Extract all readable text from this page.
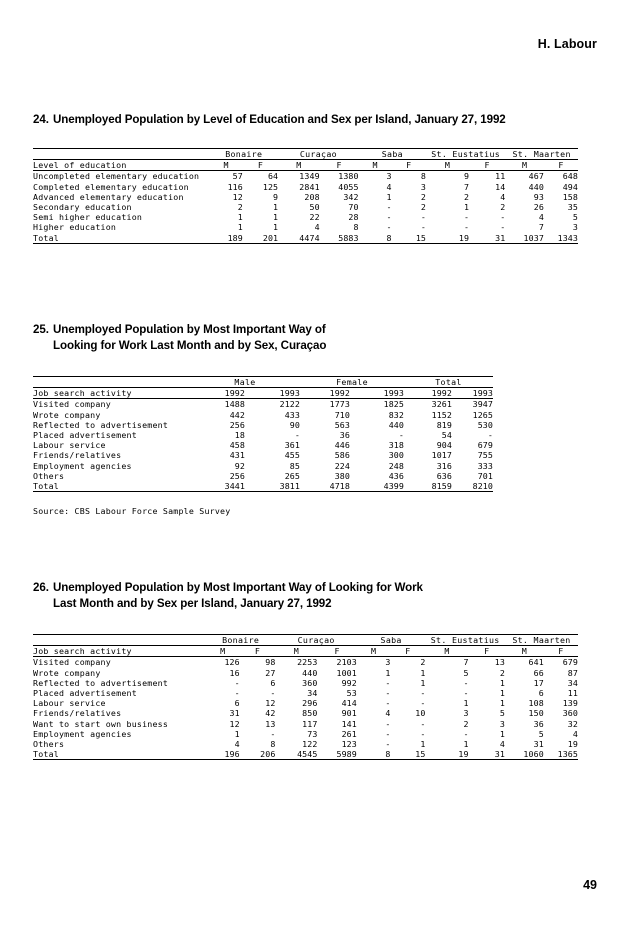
H. Labour
24. Unemployed Population by Level of Education and Sex per Island, January 27, 1992
	Bonaire		Curaçao		Saba		St. Eustatius		St. Maarten	
Level of education	M	F	M	F	M	F	M	F	M	F
Uncompleted elementary education	57	64	1349	1380	3	8	9	11	467	648
Completed elementary education	116	125	2841	4055	4	3	7	14	440	494
Advanced elementary education	12	9	208	342	1	2	2	4	93	158
Secondary education	2	1	50	70	-	2	1	2	26	35
Semi higher education	1	1	22	28	-	-	-	-	4	5
Higher education	1	1	4	8	-	-	-	-	7	3
Total	189	201	4474	5883	8	15	19	31	1037	1343

25. Unemployed Population by Most Important Way of
Looking for Work Last Month and by Sex, Curaçao
	Male		Female		Total	
Job search activity	1992	1993	1992	1993	1992	1993
Visited company	1488	2122	1773	1825	3261	3947
Wrote company	442	433	710	832	1152	1265
Reflected to advertisement	256	90	563	440	819	530
Placed advertisement	18	-	36	-	54	-
Labour service	458	361	446	318	904	679
Friends/relatives	431	455	586	300	1017	755
Employment agencies	92	85	224	248	316	333
Others	256	265	380	436	636	701
Total	3441	3811	4718	4399	8159	8210

Source: CBS Labour Force Sample Survey
26. Unemployed Population by Most Important Way of Looking for Work
Last Month and by Sex per Island, January 27, 1992
	Bonaire		Curaçao		Saba		St. Eustatius		St. Maarten	
Job search activity	M	F	M	F	M	F	M	F	M	F
Visited company	126	98	2253	2103	3	2	7	13	641	679
Wrote company	16	27	440	1001	1	1	5	2	66	87
Reflected to advertisement	-	6	360	992	-	1	-	1	17	34
Placed advertisement	-	-	34	53	-	-	-	1	6	11
Labour service	6	12	296	414	-	-	1	1	108	139
Friends/relatives	31	42	850	901	4	10	3	5	150	360
Want to start own business	12	13	117	141	-	-	2	3	36	32
Employment agencies	1	-	73	261	-	-	-	1	5	4
Others	4	8	122	123	-	1	1	4	31	19
Total	196	206	4545	5989	8	15	19	31	1060	1365

49
